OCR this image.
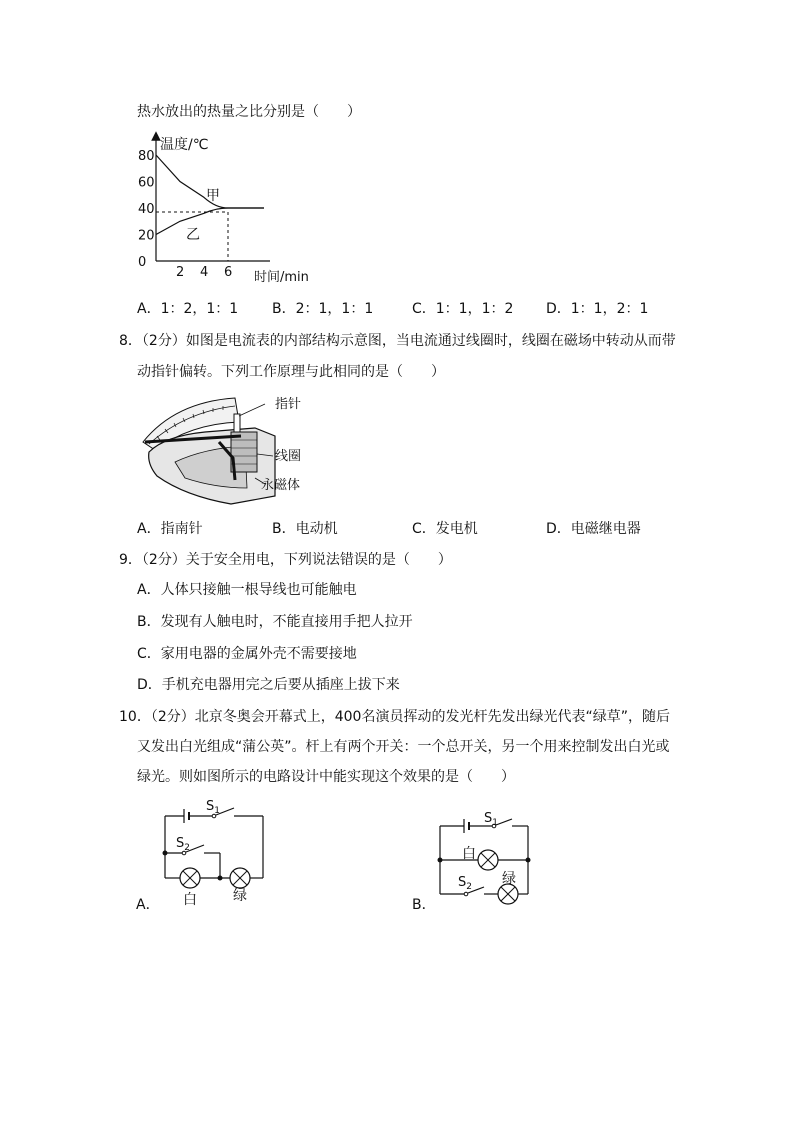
热水放出的热量之比分别是（　　）
温度/℃
时间/min
80
60
40
20
0
2 4 6
甲
乙
A．1：2，1：1 B．2：1，1：1	C．1：1，1：2 D．1：1，2：1
8．（2分）如图是电流表的内部结构示意图，当电流通过线圈时，线圈在磁场中转动从而带
动指针偏转。下列工作原理与此相同的是（　　）
指针
线圈
永磁体
A．指南针	B．电动机	C．发电机	D．电磁继电器
9．（2分）关于安全用电，下列说法错误的是（　　）
A．人体只接触一根导线也可能触电
B．发现有人触电时，不能直接用手把人拉开
C．家用电器的金属外壳不需要接地
D．手机充电器用完之后要从插座上拔下来
10．（2分）北京冬奥会开幕式上，400名演员挥动的发光杆先发出绿光代表“绿草”，随后
又发出白光组成“蒲公英”。杆上有两个开关：一个总开关，另一个用来控制发出白光或
绿光。则如图所示的电路设计中能实现这个效果的是（　　）
$S_1$
$S_2$
白	绿
A．
$S_1$
白
$S_2$ 绿
B．
